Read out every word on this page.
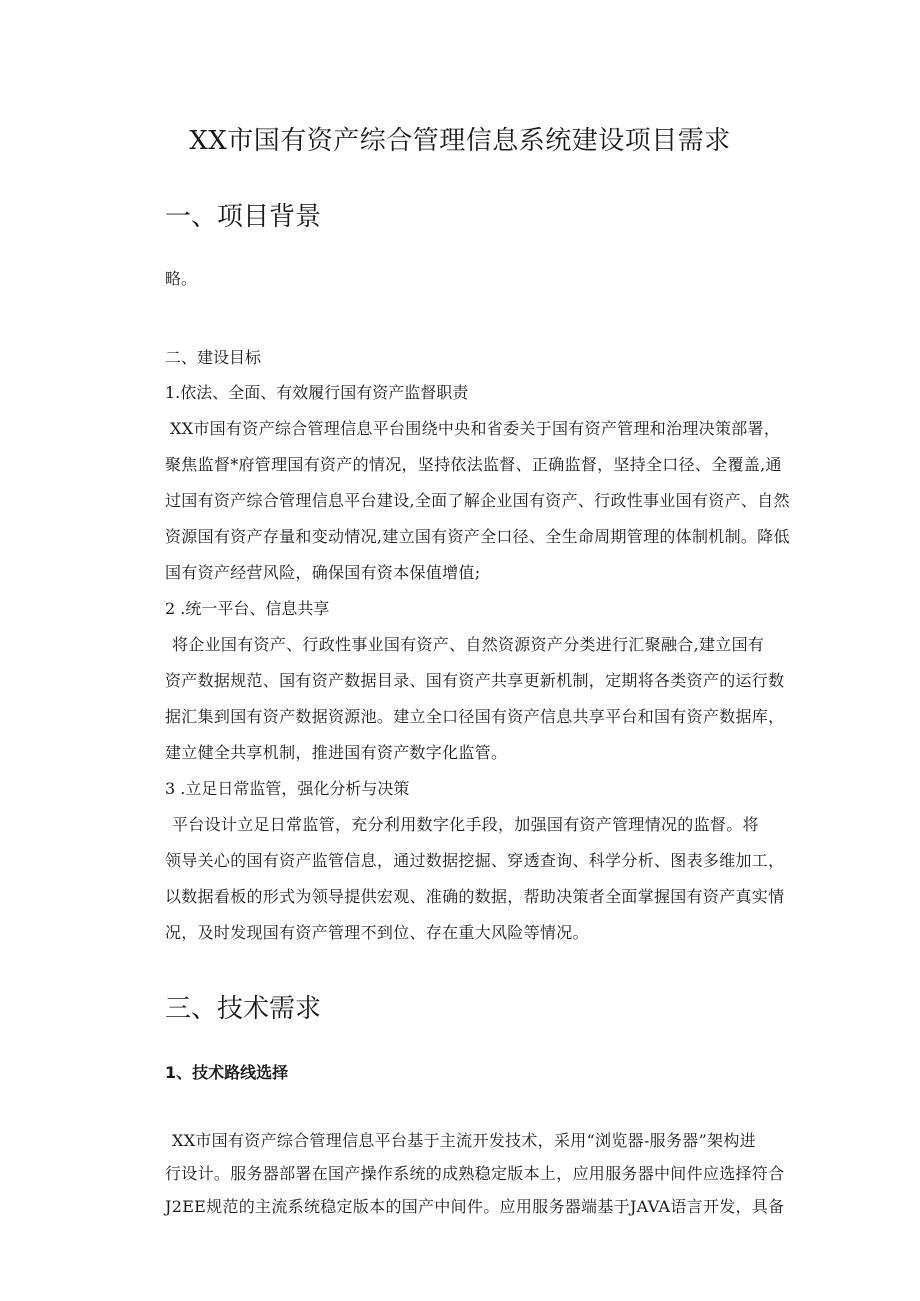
XX市国有资产综合管理信息系统建设项目需求
一、项目背景
略。
二、建设目标
1.依法、全面、有效履行国有资产监督职责
XX市国有资产综合管理信息平台围绕中央和省委关于国有资产管理和治理决策部署，
聚焦监督*府管理国有资产的情况，坚持依法监督、正确监督，坚持全口径、全覆盖,通
过国有资产综合管理信息平台建设,全面了解企业国有资产、行政性事业国有资产、自然
资源国有资产存量和变动情况,建立国有资产全口径、全生命周期管理的体制机制。降低
国有资产经营风险，确保国有资本保值增值;
2 .统一平台、信息共享
将企业国有资产、行政性事业国有资产、自然资源资产分类进行汇聚融合,建立国有
资产数据规范、国有资产数据目录、国有资产共享更新机制，定期将各类资产的运行数
据汇集到国有资产数据资源池。建立全口径国有资产信息共享平台和国有资产数据库，
建立健全共享机制，推进国有资产数字化监管。
3 .立足日常监管，强化分析与决策
平台设计立足日常监管，充分利用数字化手段，加强国有资产管理情况的监督。将
领导关心的国有资产监管信息，通过数据挖掘、穿透查询、科学分析、图表多维加工，
以数据看板的形式为领导提供宏观、准确的数据，帮助决策者全面掌握国有资产真实情
况，及时发现国有资产管理不到位、存在重大风险等情况。
三、技术需求
1、技术路线选择
XX市国有资产综合管理信息平台基于主流开发技术，采用“浏览器-服务器”架构进
行设计。服务器部署在国产操作系统的成熟稳定版本上，应用服务器中间件应选择符合
J2EE规范的主流系统稳定版本的国产中间件。应用服务器端基于JAVA语言开发，具备
